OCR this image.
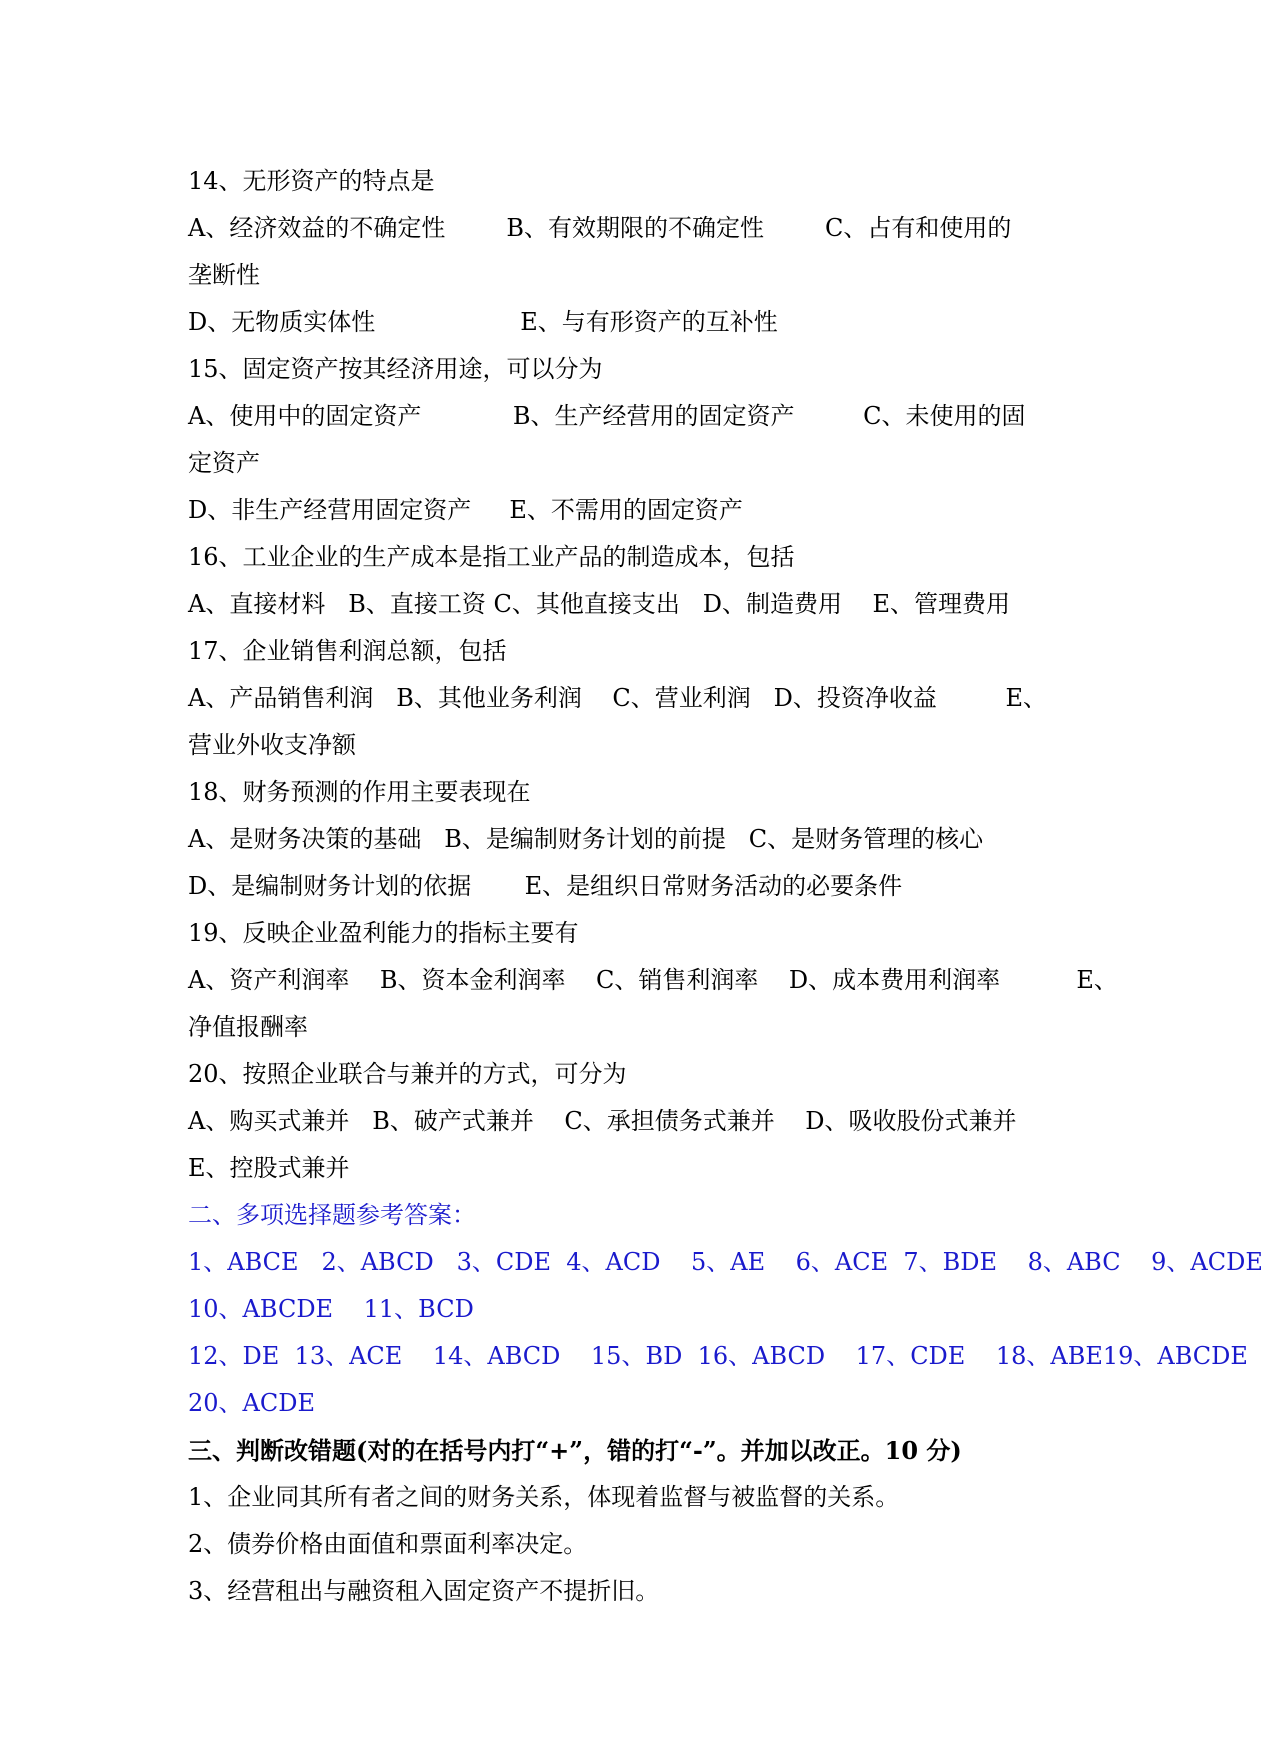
14、无形资产的特点是
A、经济效益的不确定性        B、有效期限的不确定性        C、占有和使用的
垄断性
D、无物质实体性                   E、与有形资产的互补性
15、固定资产按其经济用途，可以分为
A、使用中的固定资产            B、生产经营用的固定资产         C、未使用的固
定资产
D、非生产经营用固定资产     E、不需用的固定资产
16、工业企业的生产成本是指工业产品的制造成本，包括
A、直接材料   B、直接工资 C、其他直接支出   D、制造费用    E、管理费用
17、企业销售利润总额，包括
A、产品销售利润   B、其他业务利润    C、营业利润   D、投资净收益         E、
营业外收支净额
18、财务预测的作用主要表现在
A、是财务决策的基础   B、是编制财务计划的前提   C、是财务管理的核心
D、是编制财务计划的依据       E、是组织日常财务活动的必要条件
19、反映企业盈利能力的指标主要有
A、资产利润率    B、资本金利润率    C、销售利润率    D、成本费用利润率          E、
净值报酬率
20、按照企业联合与兼并的方式，可分为
A、购买式兼并   B、破产式兼并    C、承担债务式兼并    D、吸收股份式兼并
E、控股式兼并
二、多项选择题参考答案：
1、ABCE   2、ABCD   3、CDE  4、ACD    5、AE    6、ACE  7、BDE    8、ABC    9、ACDE
10、ABCDE    11、BCD
12、DE  13、ACE    14、ABCD    15、BD  16、ABCD    17、CDE    18、ABE19、ABCDE
20、ACDE
三、判断改错题(对的在括号内打“+”，错的打“-”。并加以改正。10 分)
1、企业同其所有者之间的财务关系，体现着监督与被监督的关系。
2、债券价格由面值和票面利率决定。
3、经营租出与融资租入固定资产不提折旧。
